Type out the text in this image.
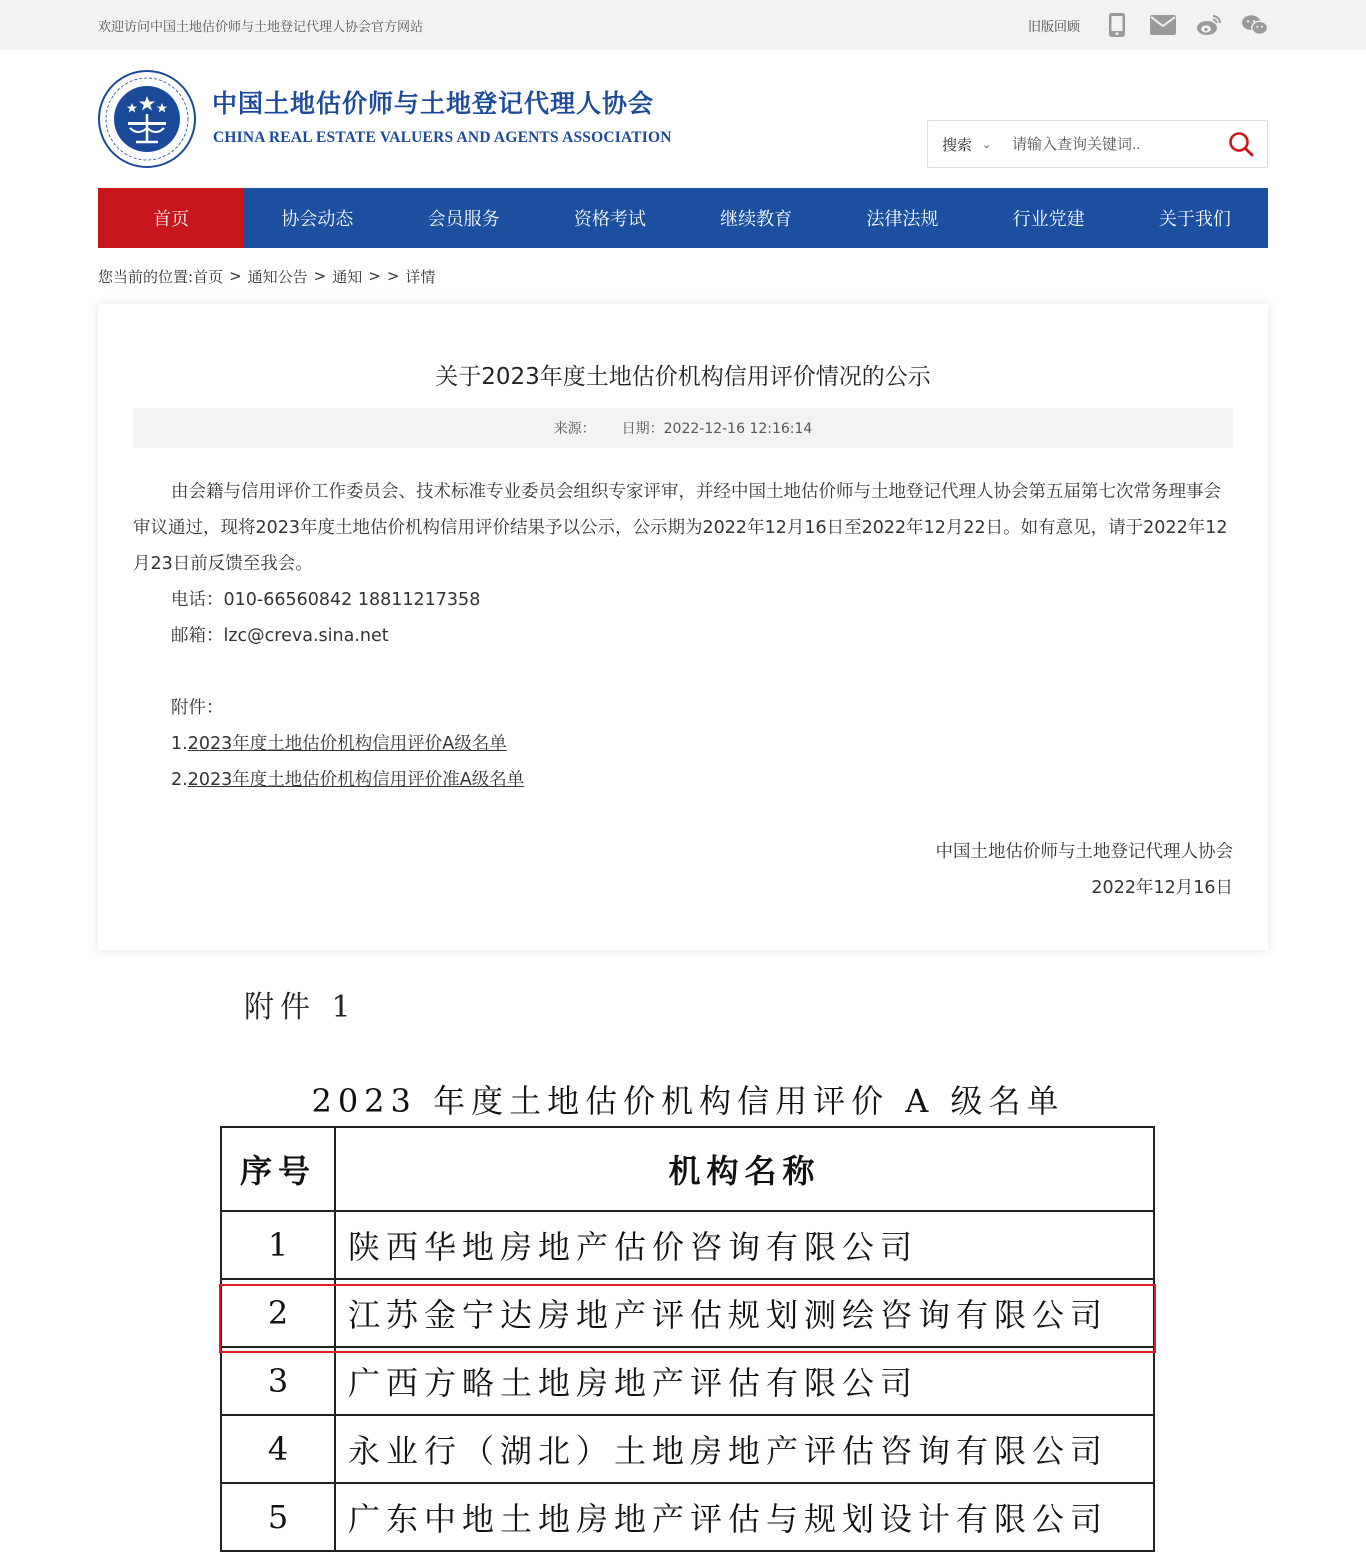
欢迎访问中国土地估价师与土地登记代理人协会官方网站	旧版回顾
中国土地估价师与土地登记代理人协会
CHINA REAL ESTATE VALUERS AND AGENTS ASSOCIATION	搜索 ⌄
请输入查询关键词..
首页	协会动态	会员服务	资格考试	继续教育	法律法规	行业党建	关于我们
您当前的位置: 首页 > 通知公告 > 通知 > > 详情
关于2023年度土地估价机构信用评价情况的公示
来源： 日期：2022-12-16 12:16:14

由会籍与信用评价工作委员会、技术标准专业委员会组织专家评审，并经中国土地估价师与土地登记代理人协会第五届第七次常务理事会审议通过，现将2023年度土地估价机构信用评价结果予以公示，公示期为2022年12月16日至2022年12月22日。如有意见，请于2022年12月23日前反馈至我会。

电话：010-66560842 18811217358

邮箱：lzc@creva.sina.net

附件：

1.2023年度土地估价机构信用评价A级名单

2.2023年度土地估价机构信用评价准A级名单

中国土地估价师与土地登记代理人协会

2022年12月16日

附件 1
2023 年度土地估价机构信用评价 A 级名单
序号	机构名称
1	陕西华地房地产估价咨询有限公司
2	江苏金宁达房地产评估规划测绘咨询有限公司
3	广西方略土地房地产评估有限公司
4	永业行（湖北）土地房地产评估咨询有限公司
5	广东中地土地房地产评估与规划设计有限公司
